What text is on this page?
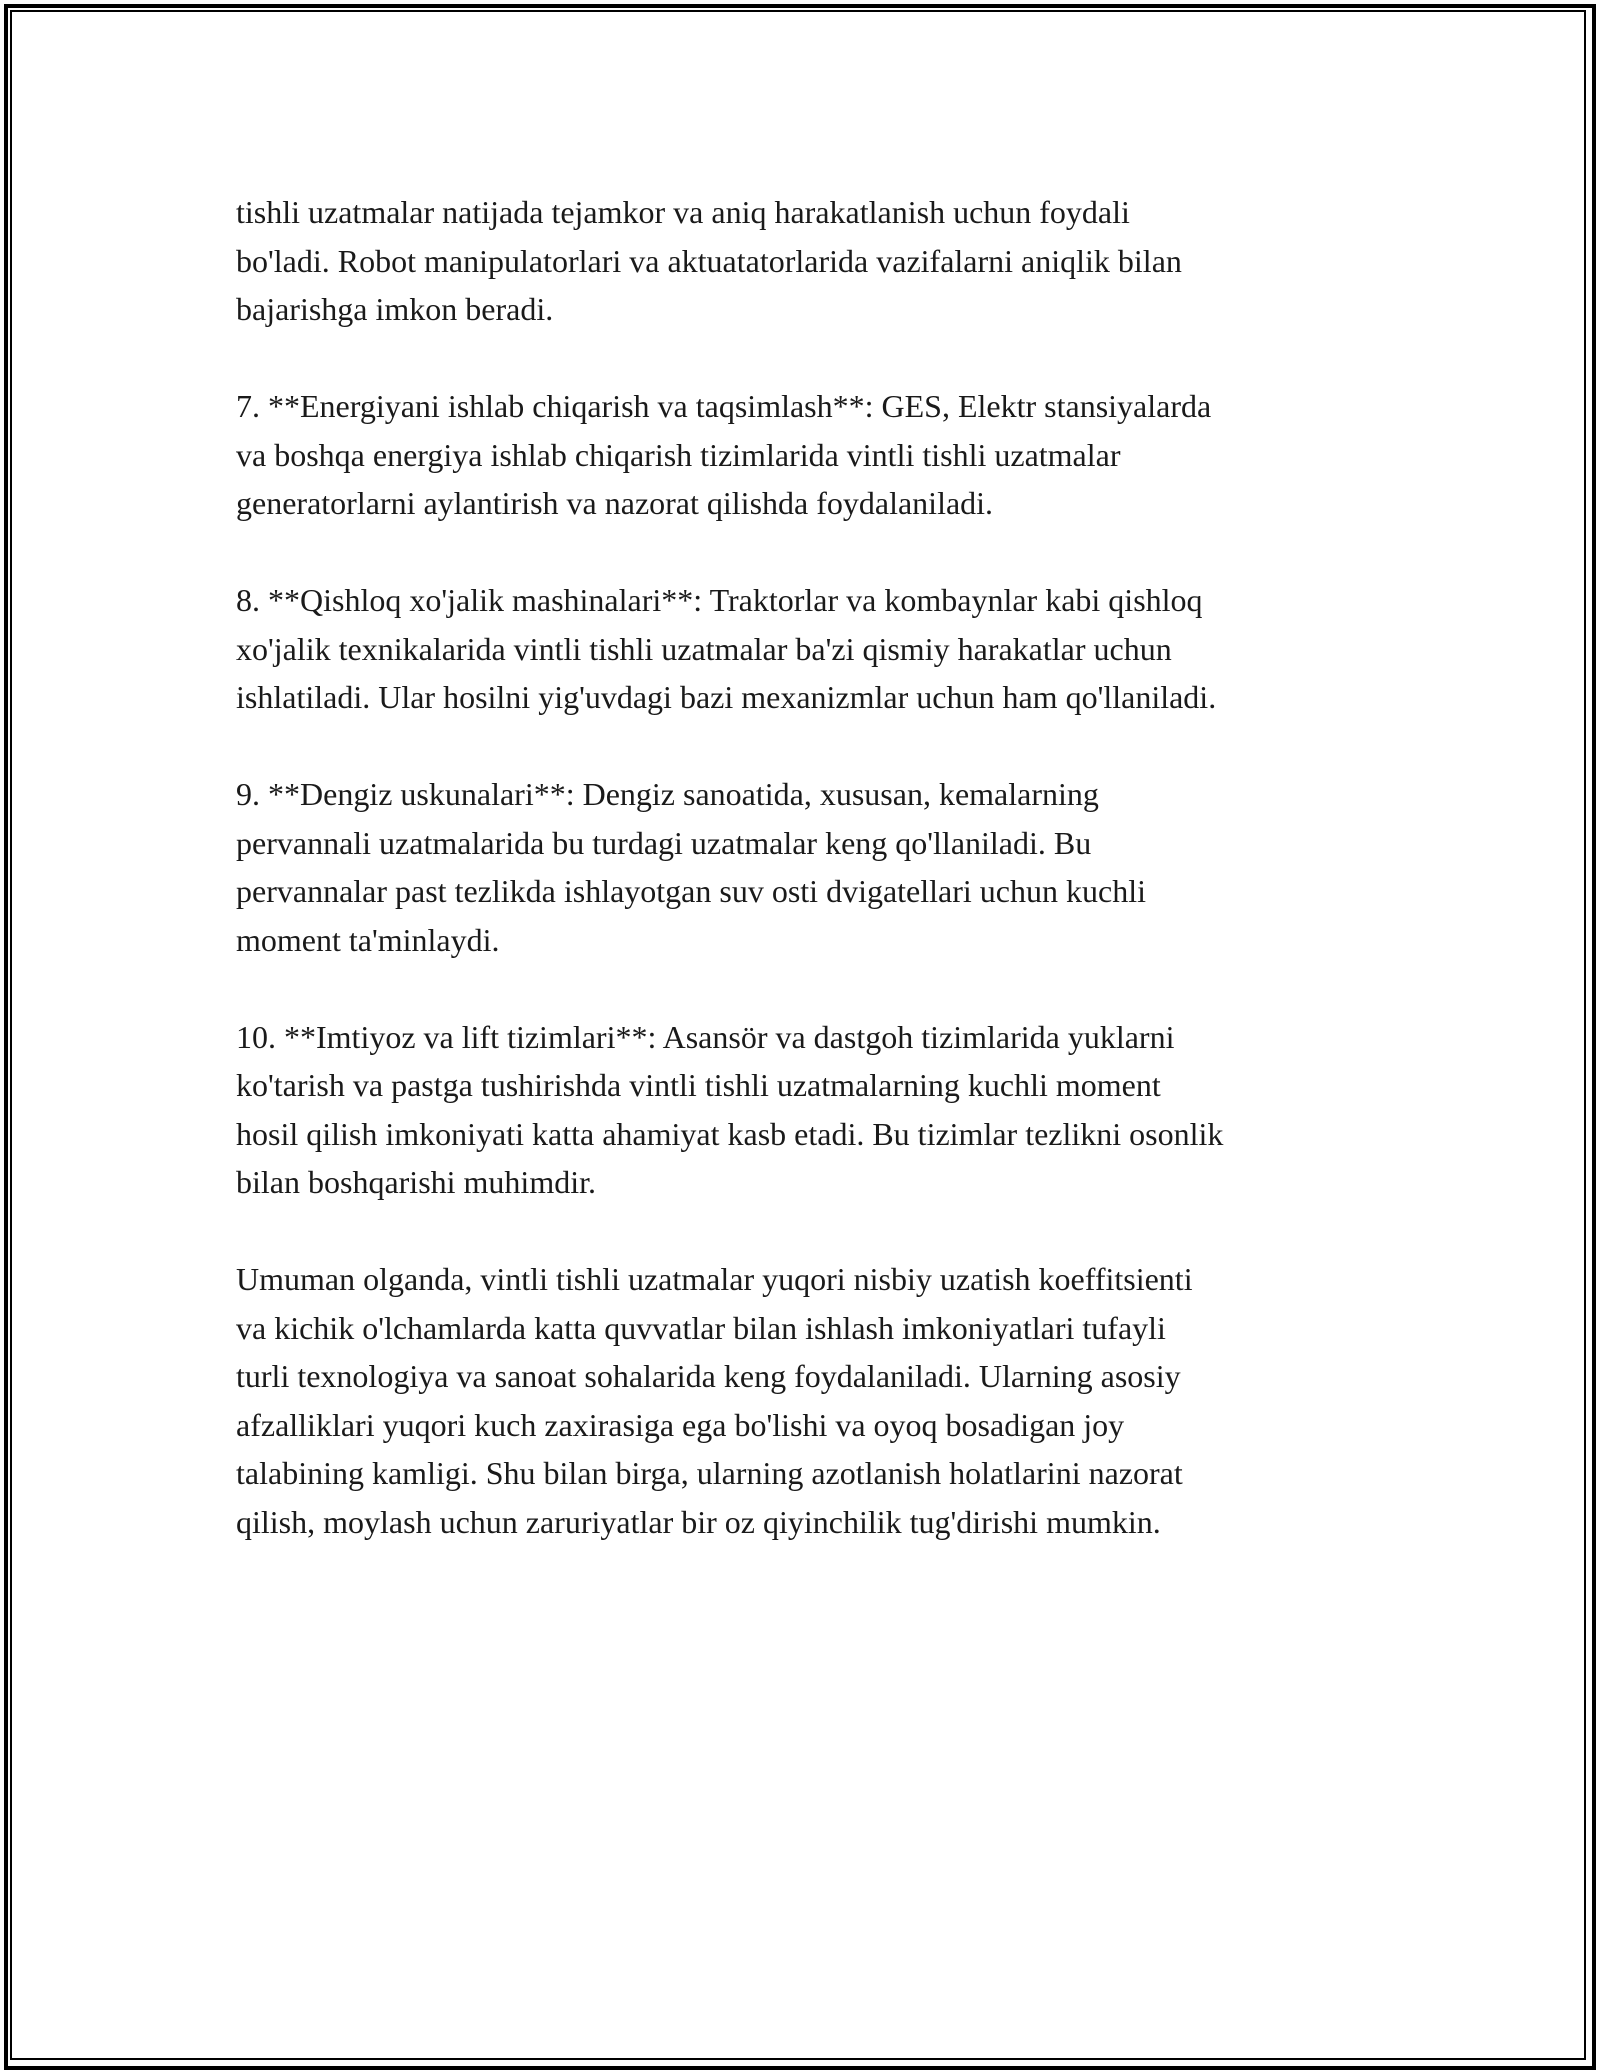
tishli uzatmalar natijada tejamkor va aniq harakatlanish uchun foydali
bo'ladi. Robot manipulatorlari va aktuatatorlarida vazifalarni aniqlik bilan
bajarishga imkon beradi.

7. **Energiyani ishlab chiqarish va taqsimlash**: GES, Elektr stansiyalarda
va boshqa energiya ishlab chiqarish tizimlarida vintli tishli uzatmalar
generatorlarni aylantirish va nazorat qilishda foydalaniladi.

8. **Qishloq xo'jalik mashinalari**: Traktorlar va kombaynlar kabi qishloq
xo'jalik texnikalarida vintli tishli uzatmalar ba'zi qismiy harakatlar uchun
ishlatiladi. Ular hosilni yig'uvdagi bazi mexanizmlar uchun ham qo'llaniladi.

9. **Dengiz uskunalari**: Dengiz sanoatida, xususan, kemalarning
pervannali uzatmalarida bu turdagi uzatmalar keng qo'llaniladi. Bu
pervannalar past tezlikda ishlayotgan suv osti dvigatellari uchun kuchli
moment ta'minlaydi.

10. **Imtiyoz va lift tizimlari**: Asansör va dastgoh tizimlarida yuklarni
ko'tarish va pastga tushirishda vintli tishli uzatmalarning kuchli moment
hosil qilish imkoniyati katta ahamiyat kasb etadi. Bu tizimlar tezlikni osonlik
bilan boshqarishi muhimdir.

Umuman olganda, vintli tishli uzatmalar yuqori nisbiy uzatish koeffitsienti
va kichik o'lchamlarda katta quvvatlar bilan ishlash imkoniyatlari tufayli
turli texnologiya va sanoat sohalarida keng foydalaniladi. Ularning asosiy
afzalliklari yuqori kuch zaxirasiga ega bo'lishi va oyoq bosadigan joy
talabining kamligi. Shu bilan birga, ularning azotlanish holatlarini nazorat
qilish, moylash uchun zaruriyatlar bir oz qiyinchilik tug'dirishi mumkin.
